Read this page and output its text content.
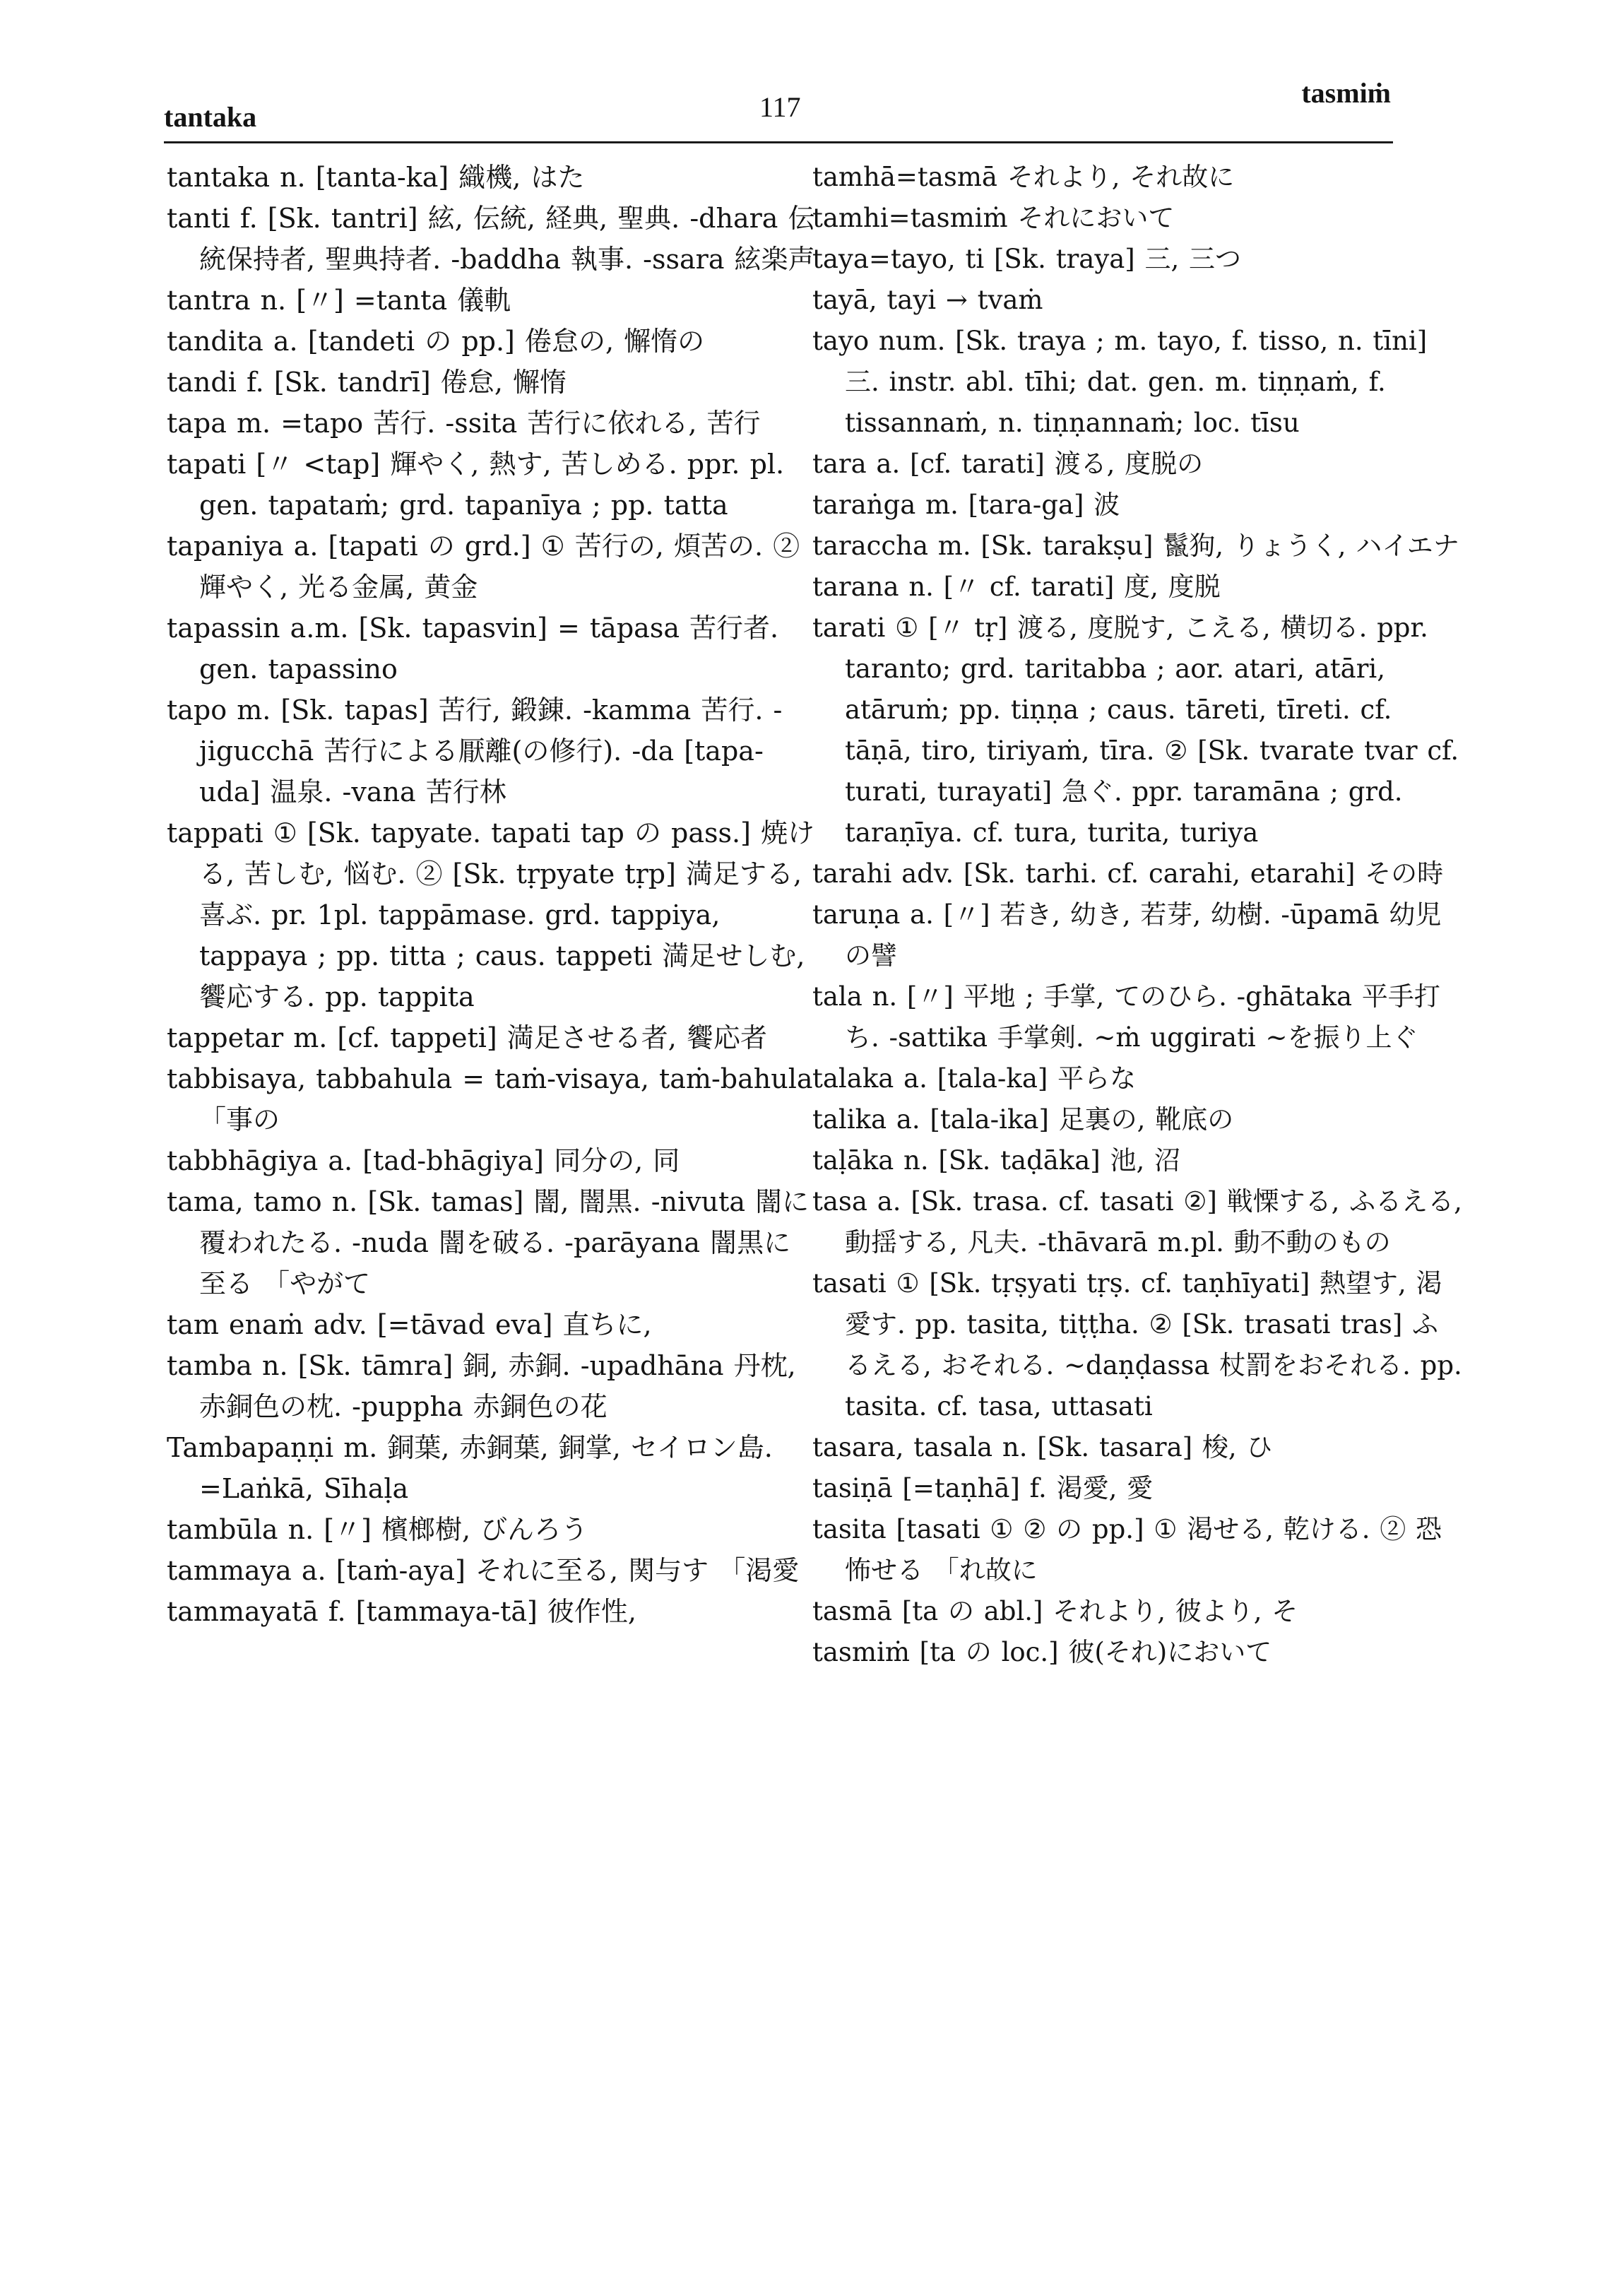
tantaka	117	tasmiṁ

tantaka n. [tanta-ka] 織機, はた

tanti f. [Sk. tantri] 絃, 伝統, 経典, 聖典. -dhara 伝統保持者, 聖典持者. -baddha 執事. -ssara 絃楽声

tantra n. [〃] =tanta 儀軌

tandita a. [tandeti の pp.] 倦怠の, 懈惰の

tandi f. [Sk. tandrī] 倦怠, 懈惰

tapa m. =tapo 苦行. -ssita 苦行に依れる, 苦行

tapati [〃 <tap] 輝やく, 熱す, 苦しめる. ppr. pl. gen. tapataṁ; grd. tapanīya ; pp. tatta

tapaniya a. [tapati の grd.] ① 苦行の, 煩苦の. ② 輝やく, 光る金属, 黄金

tapassin a.m. [Sk. tapasvin] = tāpasa 苦行者. gen. tapassino

tapo m. [Sk. tapas] 苦行, 鍛錬. -kamma 苦行. -jigucchā 苦行による厭離(の修行). -da [tapa-uda] 温泉. -vana 苦行林

tappati ① [Sk. tapyate. tapati tap の pass.] 焼ける, 苦しむ, 悩む. ② [Sk. tṛpyate tṛp] 満足する, 喜ぶ. pr. 1pl. tappāmase. grd. tappiya, tappaya ; pp. titta ; caus. tappeti 満足せしむ, 饗応する. pp. tappita

tappetar m. [cf. tappeti] 満足させる者, 饗応者

tabbisaya, tabbahula = taṁ-visaya, taṁ-bahula 「事の

tabbhāgiya a. [tad-bhāgiya] 同分の, 同

tama, tamo n. [Sk. tamas] 闇, 闇黒. -nivuta 闇に覆われたる. -nuda 闇を破る. -parāyana 闇黒に至る 「やがて

tam enaṁ adv. [=tāvad eva] 直ちに,

tamba n. [Sk. tāmra] 銅, 赤銅. -upadhāna 丹枕, 赤銅色の枕. -puppha 赤銅色の花

Tambapaṇṇi m. 銅葉, 赤銅葉, 銅掌, セイロン島. =Laṅkā, Sīhaḷa

tambūla n. [〃] 檳榔樹, びんろう

tammaya a. [taṁ-aya] それに至る, 関与す 「渇愛

tammayatā f. [tammaya-tā] 彼作性,

tamhā=tasmā それより, それ故に

tamhi=tasmiṁ それにおいて

taya=tayo, ti [Sk. traya] 三, 三つ

tayā, tayi → tvaṁ

tayo num. [Sk. traya ; m. tayo, f. tisso, n. tīni] 三. instr. abl. tīhi; dat. gen. m. tiṇṇaṁ, f. tissannaṁ, n. tiṇṇannaṁ; loc. tīsu

tara a. [cf. tarati] 渡る, 度脱の

taraṅga m. [tara-ga] 波

taraccha m. [Sk. tarakṣu] 鬣狗, りょうく, ハイエナ

tarana n. [〃 cf. tarati] 度, 度脱

tarati ① [〃 tṛ] 渡る, 度脱す, こえる, 横切る. ppr. taranto; grd. taritabba ; aor. atari, atāri, atāruṁ; pp. tiṇṇa ; caus. tāreti, tīreti. cf. tāṇā, tiro, tiriyaṁ, tīra. ② [Sk. tvarate tvar cf. turati, turayati] 急ぐ. ppr. taramāna ; grd. taraṇīya. cf. tura, turita, turiya

tarahi adv. [Sk. tarhi. cf. carahi, etarahi] その時

taruṇa a. [〃] 若き, 幼き, 若芽, 幼樹. -ūpamā 幼児の譬

tala n. [〃] 平地 ; 手掌, てのひら. -ghātaka 平手打ち. -sattika 手掌剣. ~ṁ uggirati ~を振り上ぐ

talaka a. [tala-ka] 平らな

talika a. [tala-ika] 足裏の, 靴底の

taḷāka n. [Sk. taḍāka] 池, 沼

tasa a. [Sk. trasa. cf. tasati ②] 戦慄する, ふるえる, 動揺する, 凡夫. -thāvarā m.pl. 動不動のもの

tasati ① [Sk. tṛṣyati tṛṣ. cf. taṇhīyati] 熱望す, 渇愛す. pp. tasita, tiṭṭha. ② [Sk. trasati tras] ふるえる, おそれる. ~daṇḍassa 杖罰をおそれる. pp. tasita. cf. tasa, uttasati

tasara, tasala n. [Sk. tasara] 梭, ひ

tasiṇā [=taṇhā] f. 渇愛, 愛

tasita [tasati ① ② の pp.] ① 渇せる, 乾ける. ② 恐怖せる 「れ故に

tasmā [ta の abl.] それより, 彼より, そ

tasmiṁ [ta の loc.] 彼(それ)において
